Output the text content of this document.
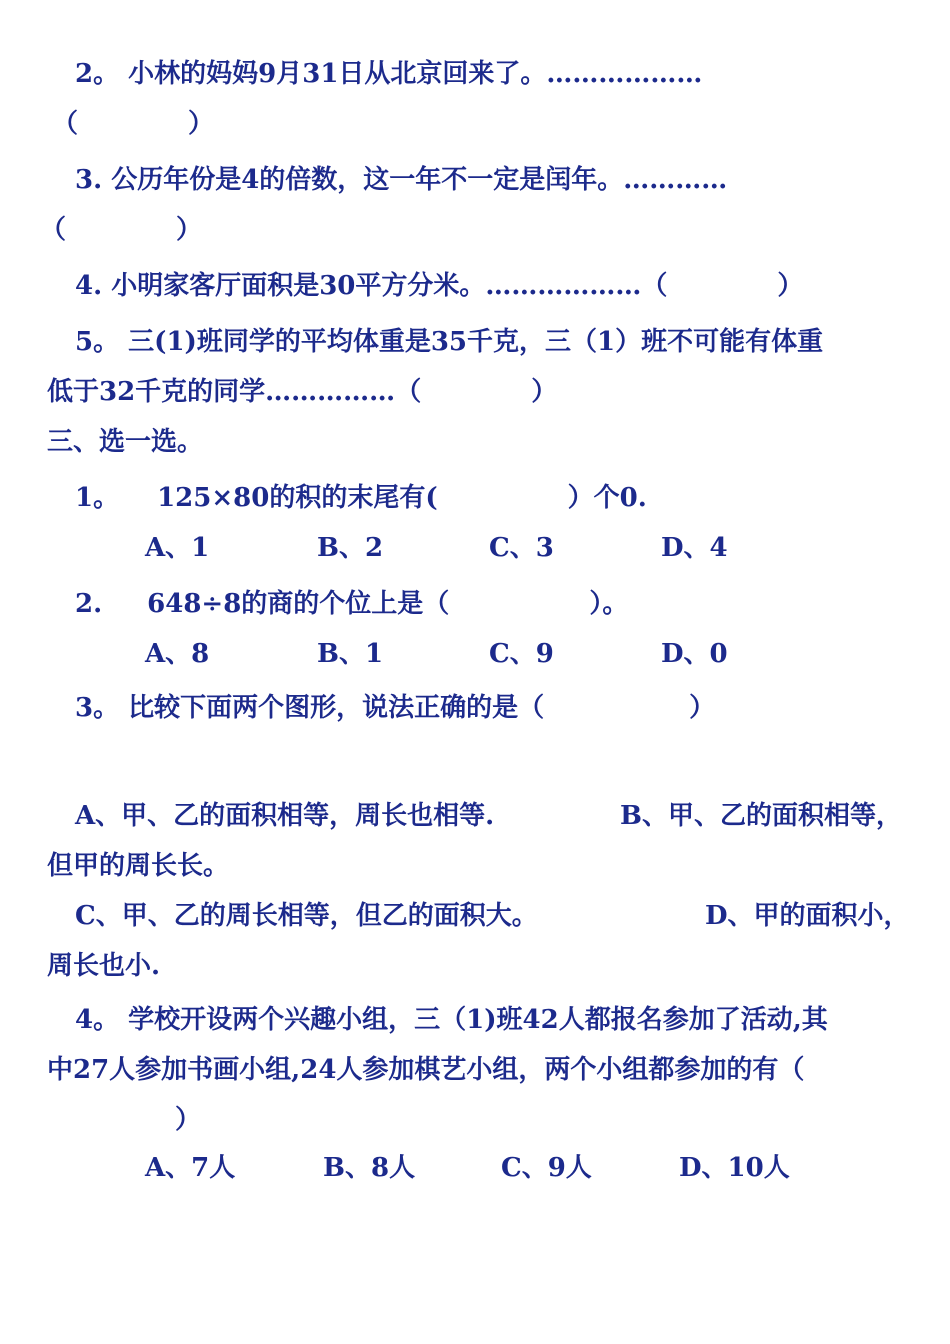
2。 小林的妈妈9月31日从北京回来了。………………
（	）
3. 公历年份是4的倍数，这一年不一定是闰年。…………
（	）
4. 小明家客厅面积是30平方分米。………………（	）
5。 三(1)班同学的平均体重是35千克，三（1）班不可能有体重
低于32千克的同学……………（	）
三、选一选。
1。 125×80的积的末尾有(	）个0.
A、1	B、2	C、3	D、4
2. 648÷8的商的个位上是（	）。
A、8	B、1	C、9	D、0
3。 比较下面两个图形，说法正确的是（	）
A、甲、乙的面积相等，周长也相等.	B、甲、乙的面积相等，
但甲的周长长。
C、甲、乙的周长相等，但乙的面积大。	D、甲的面积小，
周长也小.
4。 学校开设两个兴趣小组，三（1)班42人都报名参加了活动,其
中27人参加书画小组,24人参加棋艺小组，两个小组都参加的有（
）
A、7人	B、8人	C、9人	D、10人
